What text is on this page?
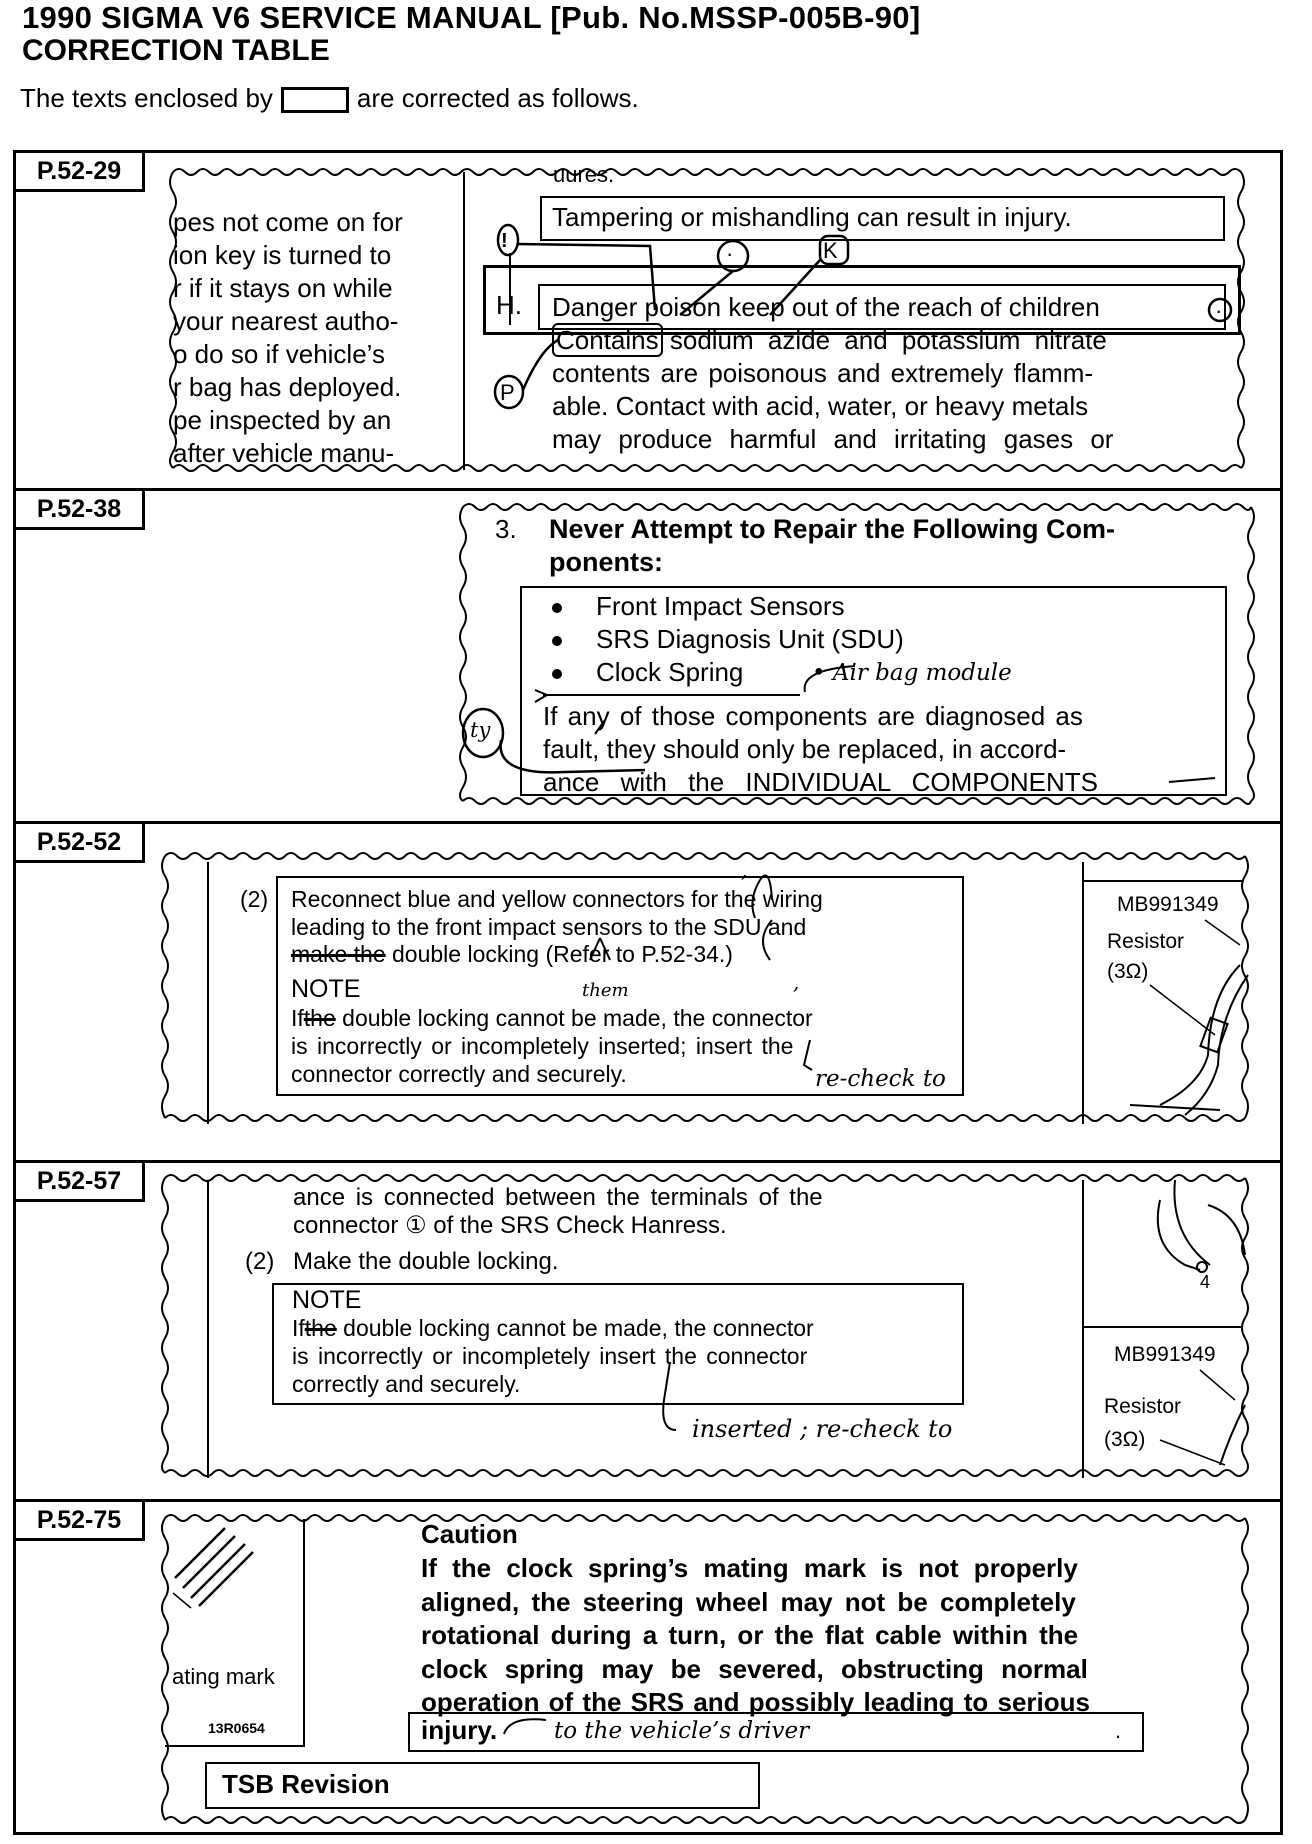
1990 SIGMA V6 SERVICE MANUAL [Pub. No.MSSP-005B-90]
CORRECTION TABLE
The texts enclosed by	are corrected as follows.
P.52-29
pes not come on for
ion key is turned to
r if it stays on while
your nearest autho-
o do so if vehicle’s
r bag has deployed.
pe inspected by an
after vehicle manu-
uures.
Tampering or mishandling can result in injury.
H. Danger poison keep out of the reach of children
Contains sodium azide and potassium nitrate
contents are poisonous and extremely flamm-
able. Contact with acid, water, or heavy metals
may produce harmful and irritating gases or
!	·	K
·
P
P.52-38
3. Never Attempt to Repair the Following Com-
ponents:
Front Impact Sensors
SRS Diagnosis Unit (SDU)
Clock Spring	• Air bag module
If any of those components are diagnosed as
fault, they should only be replaced, in accord-
ance with the INDIVIDUAL COMPONENTS
ty
P.52-52
(2) Reconnect blue and yellow connectors for the wiring
leading to the front impact sensors to the SDU and
make the double locking (Refer to P.52-34.)
NOTE
Ifthe double locking cannot be made, the connector
is incorrectly or incompletely inserted; insert the
connector correctly and securely.
them
re-check to
,
,
MB991349
Resistor
(3Ω)
P.52-57
ance is connected between the terminals of the
connector ① of the SRS Check Hanress.
(2) Make the double locking.
NOTE
Ifthe double locking cannot be made, the connector
is incorrectly or incompletely insert the connector
correctly and securely.
inserted ; re-check to
4
MB991349
Resistor
(3Ω)
P.52-75
ating mark
13R0654
Caution
If the clock spring’s mating mark is not properly
aligned, the steering wheel may not be completely
rotational during a turn, or the flat cable within the
clock spring may be severed, obstructing normal
operation of the SRS and possibly leading to serious
injury. to the vehicle’s driver	.
TSB Revision
